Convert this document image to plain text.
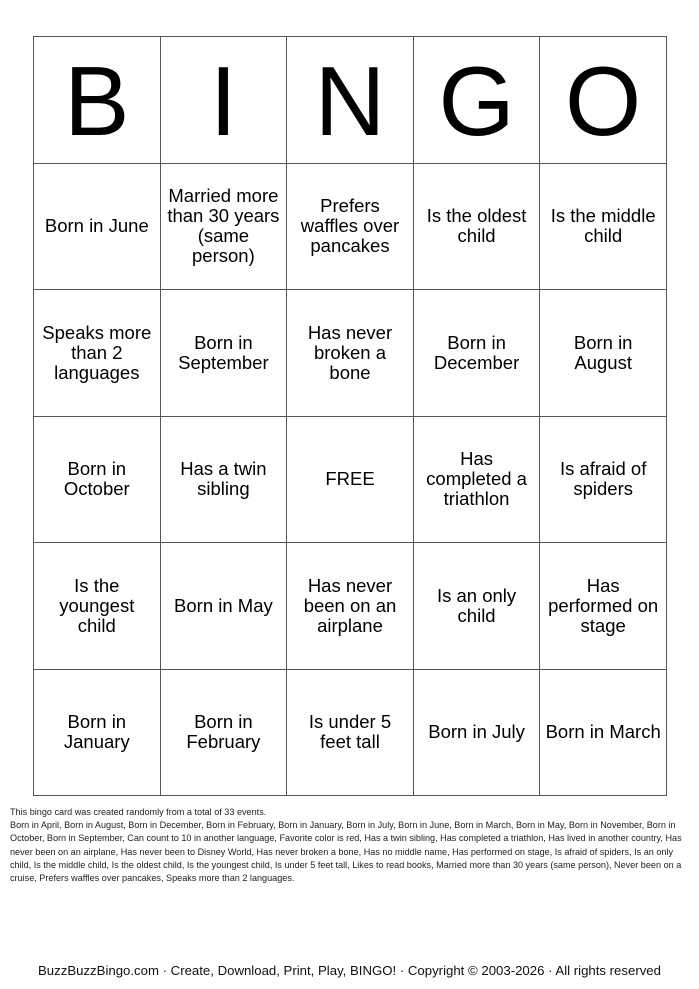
B	I	N	G	O
Born in June	Married more than 30 years (same person)	Prefers waffles over pancakes	Is the oldest child	Is the middle child
Speaks more than 2 languages	Born in September	Has never broken a bone	Born in December	Born in August
Born in October	Has a twin sibling	FREE	Has completed a triathlon	Is afraid of spiders
Is the youngest child	Born in May	Has never been on an airplane	Is an only child	Has performed on stage
Born in January	Born in February	Is under 5 feet tall	Born in July	Born in March
This bingo card was created randomly from a total of 33 events.
Born in April, Born in August, Born in December, Born in February, Born in January, Born in July, Born in June, Born in March, Born in May, Born in November, Born in October, Born in September, Can count to 10 in another language, Favorite color is red, Has a twin sibling, Has completed a triathlon, Has lived in another country, Has never been on an airplane, Has never been to Disney World, Has never broken a bone, Has no middle name, Has performed on stage, Is afraid of spiders, Is an only child, Is the middle child, Is the oldest child, Is the youngest child, Is under 5 feet tall, Likes to read books, Married more than 30 years (same person), Never been on a cruise, Prefers waffles over pancakes, Speaks more than 2 languages.
BuzzBuzzBingo.com · Create, Download, Print, Play, BINGO! · Copyright © 2003-2026 · All rights reserved
